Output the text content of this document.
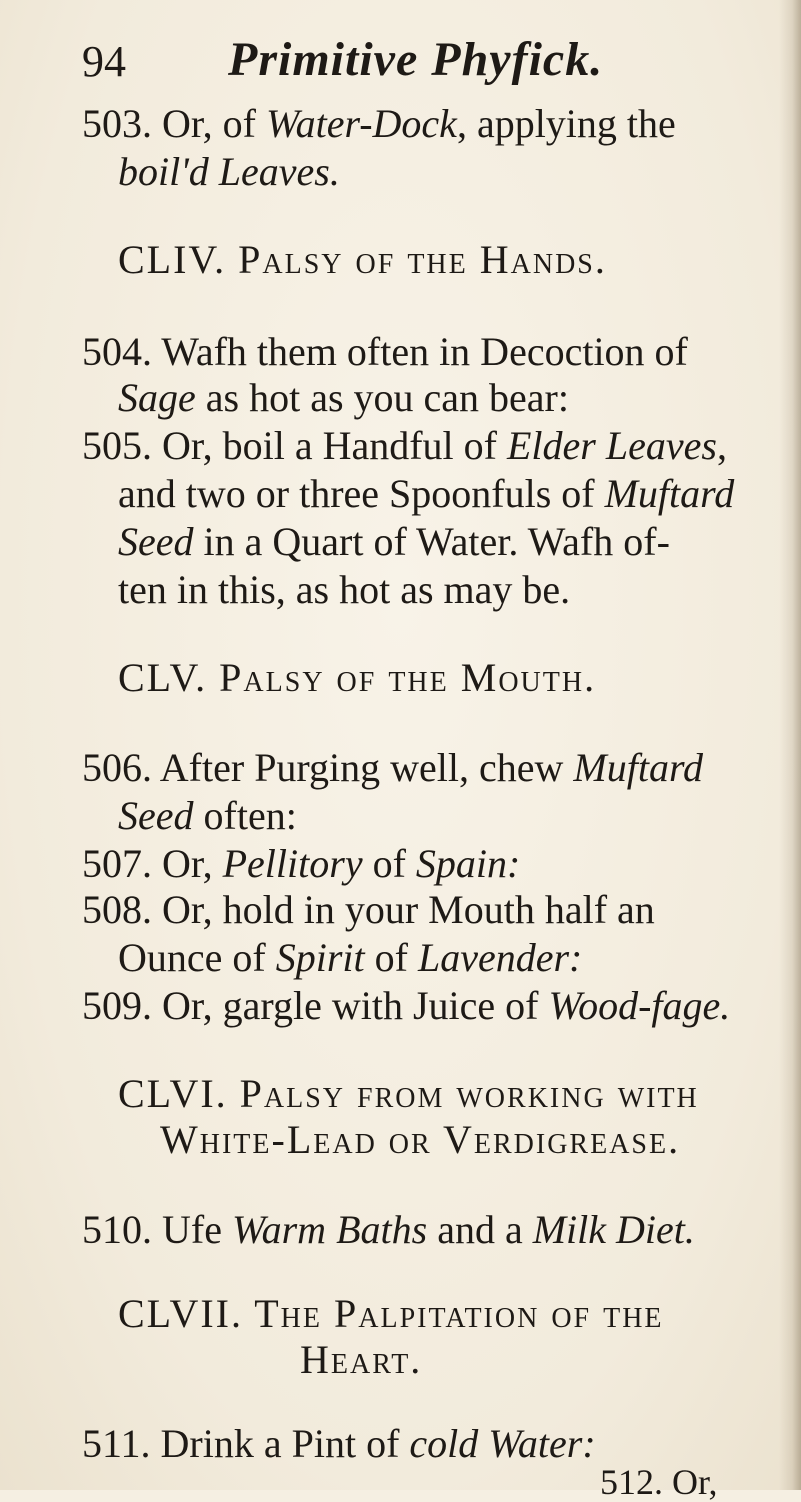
94 Primitive Phyfick.
503. Or, of Water-Dock, applying the
boil'd Leaves.
CLIV. Palsy of the Hands.
504. Wafh them often in Decoction of
Sage as hot as you can bear:
505. Or, boil a Handful of Elder Leaves,
and two or three Spoonfuls of Muftard
Seed in a Quart of Water. Wafh of-
ten in this, as hot as may be.
CLV. Palsy of the Mouth.
506. After Purging well, chew Muftard
Seed often:
507. Or, Pellitory of Spain:
508. Or, hold in your Mouth half an
Ounce of Spirit of Lavender:
509. Or, gargle with Juice of Wood-fage.
CLVI. Palsy from working with
White-Lead or Verdigrease.
510. Ufe Warm Baths and a Milk Diet.
CLVII. The Palpitation of the
Heart.
511. Drink a Pint of cold Water:
512. Or,
